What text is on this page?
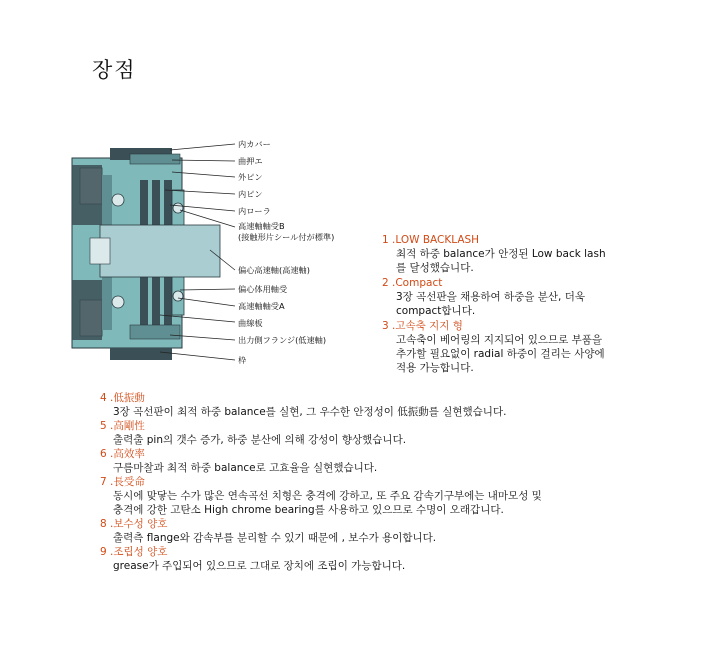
장점
内カバー
曲押エ
外ピン
内ピン
内ローラ
高速軸軸受B
(接触形片シール付が標準)
偏心高速軸(高速軸)
偏心体用軸受
高速軸軸受A
曲線板
出力側フランジ(低速軸)
枠
1 .LOW BACKLASH
최적 하중 balance가 안정된 Low back lash
를 달성했습니다.
2 .Compact
3장 곡선판을 채용하여 하중을 분산, 더욱
compact합니다.
3 .고속축 지지 형
고속축이 베어링의 지지되어 있으므로 부품을
추가할 필요없이 radial 하중이 걸리는 사양에
적용 가능합니다.
4 .低振動
3장 곡선판이 최적 하중 balance를 실현, 그 우수한 안정성이 低振動를 실현했습니다.
5 .高剛性
출력출 pin의 갯수 증가, 하중 분산에 의해 강성이 향상했습니다.
6 .高效率
구름마찰과 최적 하중 balance로 고효율을 실현했습니다.
7 .長受命
동시에 맞닿는 수가 많은 연속곡선 치형은 충격에 강하고, 또 주요 감속기구부에는 내마모성 및
충격에 강한 고탄소 High chrome bearing를 사용하고 있으므로 수명이 오래갑니다.
8 .보수성 양호
출력측 flange와 감속부를 분리할 수 있기 때문에 , 보수가 용이합니다.
9 .조립성 양호
grease가 주입되어 있으므로 그대로 장치에 조립이 가능합니다.
